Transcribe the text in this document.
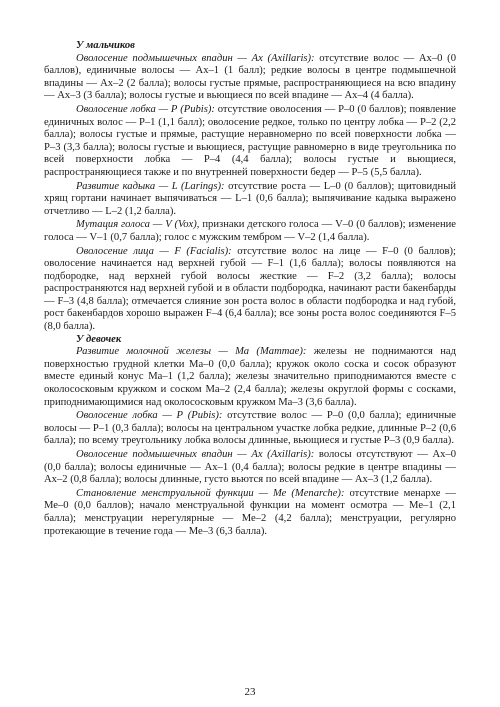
У мальчиков

Оволосение подмышечных впадин — Ах (Axillaris): отсутствие волос — Ах–0 (0 баллов), единичные волосы — Ах–1 (1 балл); редкие волосы в центре подмышечной впадины — Ах–2 (2 балла); волосы густые прямые, распространяющиеся на всю впадину — Ах–3 (3 балла); волосы густые и вьющиеся по всей впадине — Ах–4 (4 балла).

Оволосение лобка — Р (Pubis): отсутствие оволосения — Р–0 (0 баллов); появление единичных волос — Р–1 (1,1 балл); оволосение редкое, только по центру лобка — Р–2 (2,2 балла); волосы густые и прямые, растущие неравномерно по всей поверхности лобка — Р–3 (3,3 балла); волосы густые и вьющиеся, растущие равномерно в виде треугольника по всей поверхности лобка — Р–4 (4,4 балла); волосы густые и вьющиеся, распространяющиеся также и по внутренней поверхности бедер — Р–5 (5,5 балла).

Развитие кадыка — L (Larings): отсутствие роста — L–0 (0 баллов); щитовидный хрящ гортани начинает выпячиваться — L–1 (0,6 балла); выпячивание кадыка выражено отчетливо — L–2 (1,2 балла).

Мутация голоса — V (Vox), признаки детского голоса — V–0 (0 баллов); изменение голоса — V–1 (0,7 балла); голос с мужским тембром — V–2 (1,4 балла).

Оволосение лица — F (Facialis): отсутствие волос на лице — F–0 (0 баллов); оволосение начинается над верхней губой — F–1 (1,6 балла); волосы появляются на подбородке, над верхней губой волосы жесткие — F–2 (3,2 балла); волосы распространяются над верхней губой и в области подбородка, начинают расти бакенбарды — F–3 (4,8 балла); отмечается слияние зон роста волос в области подбородка и над губой, рост бакенбардов хорошо выражен F–4 (6,4 балла); все зоны роста волос соединяются F–5 (8,0 балла).

У девочек

Развитие молочной железы — Ма (Mammae): железы не поднимаются над поверхностью грудной клетки Ма–0 (0,0 балла); кружок около соска и сосок образуют вместе единый конус Ма–1 (1,2 балла); железы значительно приподнимаются вместе с околососковым кружком и соском Ма–2 (2,4 балла); железы округлой формы с сосками, приподнимающимися над околососковым кружком Ма–3 (3,6 балла).

Оволосение лобка — Р (Pubis): отсутствие волос — Р–0 (0,0 балла); единичные волосы — Р–1 (0,3 балла); волосы на центральном участке лобка редкие, длинные Р–2 (0,6 балла); по всему треугольнику лобка волосы длинные, вьющиеся и густые Р–3 (0,9 балла).

Оволосение подмышечных впадин — Ах (Axillaris): волосы отсутствуют — Ах–0 (0,0 балла); волосы единичные — Ах–1 (0,4 балла); волосы редкие в центре впадины — Ах–2 (0,8 балла); волосы длинные, густо вьются по всей впадине — Ах–3 (1,2 балла).

Становление менструальной функции — Ме (Menarche): отсутствие менархе — Ме–0 (0,0 баллов); начало менструальной функции на момент осмотра — Ме–1 (2,1 балла); менструации нерегулярные — Ме–2 (4,2 балла); менструации, регулярно протекающие в течение года — Ме–3 (6,3 балла).

23
